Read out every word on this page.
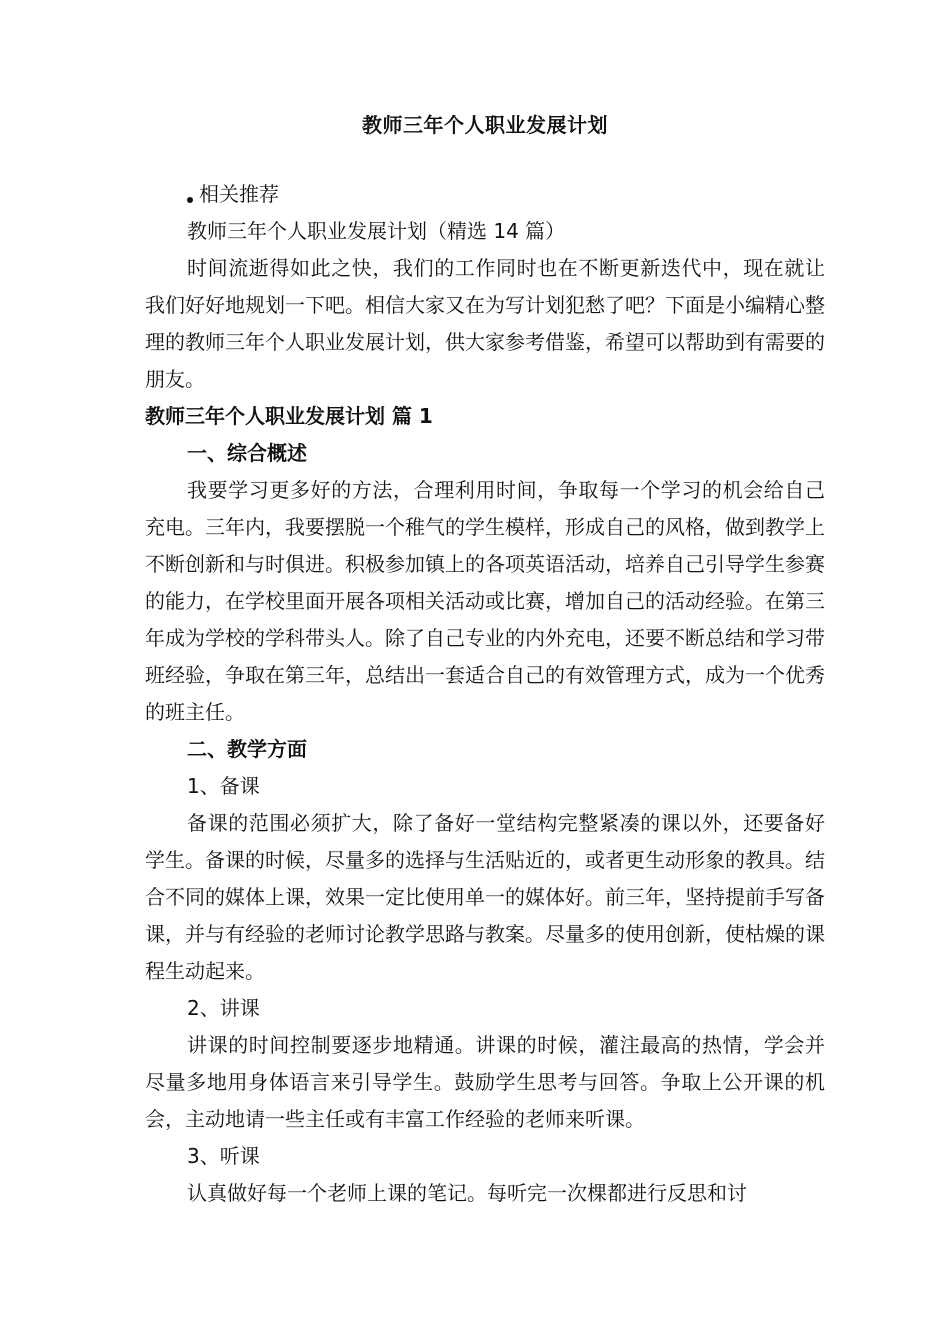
教师三年个人职业发展计划
相关推荐

教师三年个人职业发展计划（精选 14 篇）

时间流逝得如此之快，我们的工作同时也在不断更新迭代中，现在就让我们好好地规划一下吧。相信大家又在为写计划犯愁了吧？下面是小编精心整理的教师三年个人职业发展计划，供大家参考借鉴，希望可以帮助到有需要的朋友。

教师三年个人职业发展计划 篇 1

一、综合概述

我要学习更多好的方法，合理利用时间，争取每一个学习的机会给自己充电。三年内，我要摆脱一个稚气的学生模样，形成自己的风格，做到教学上不断创新和与时俱进。积极参加镇上的各项英语活动，培养自己引导学生参赛的能力，在学校里面开展各项相关活动或比赛，增加自己的活动经验。在第三年成为学校的学科带头人。除了自己专业的内外充电，还要不断总结和学习带班经验，争取在第三年，总结出一套适合自己的有效管理方式，成为一个优秀的班主任。

二、教学方面

1、备课

备课的范围必须扩大，除了备好一堂结构完整紧凑的课以外，还要备好学生。备课的时候，尽量多的选择与生活贴近的，或者更生动形象的教具。结合不同的媒体上课，效果一定比使用单一的媒体好。前三年，坚持提前手写备课，并与有经验的老师讨论教学思路与教案。尽量多的使用创新，使枯燥的课程生动起来。

2、讲课

讲课的时间控制要逐步地精通。讲课的时候，灌注最高的热情，学会并尽量多地用身体语言来引导学生。鼓励学生思考与回答。争取上公开课的机会，主动地请一些主任或有丰富工作经验的老师来听课。

3、听课

认真做好每一个老师上课的笔记。每听完一次棵都进行反思和讨
